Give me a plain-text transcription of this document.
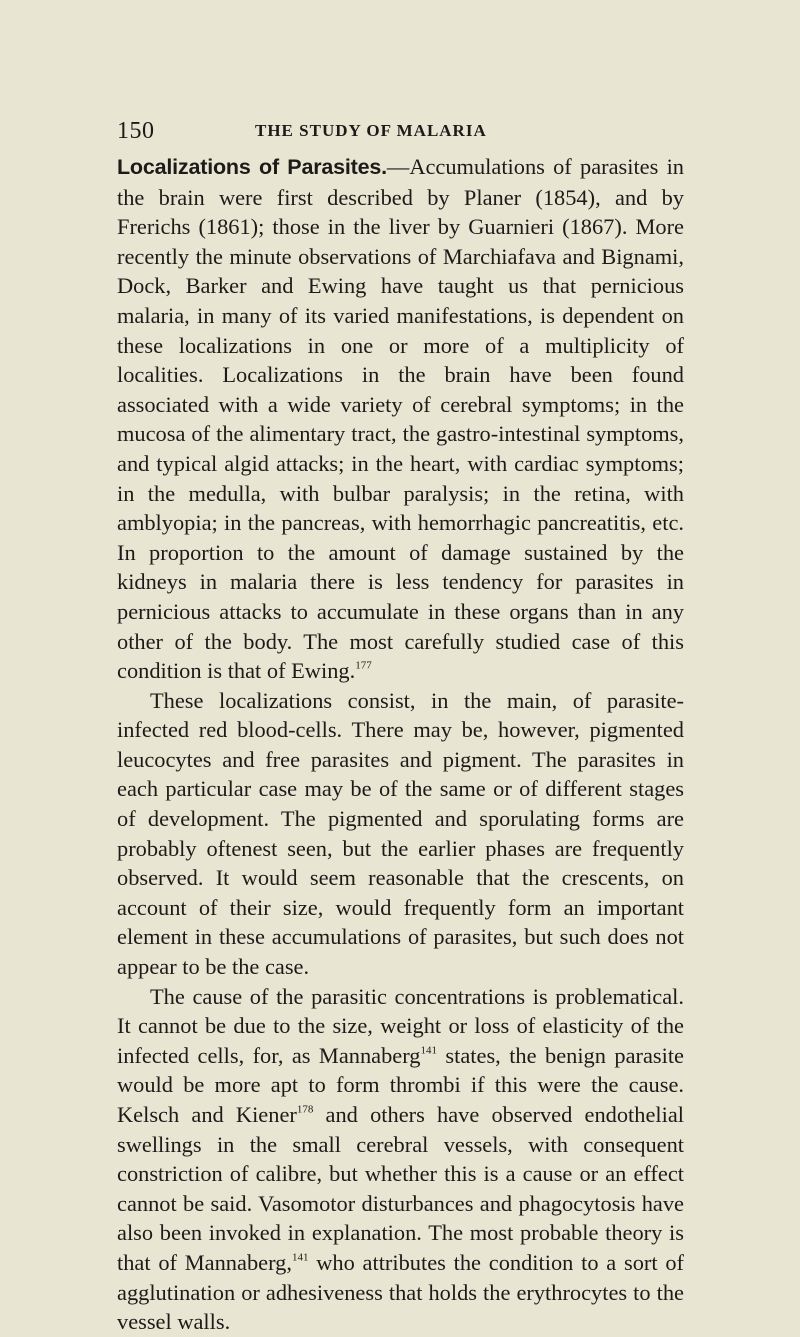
150	THE STUDY OF MALARIA

Localizations of Parasites.—Accumulations of parasites in the brain were first described by Planer (1854), and by Frerichs (1861); those in the liver by Guarnieri (1867). More recently the minute observations of Marchiafava and Bignami, Dock, Barker and Ewing have taught us that pernicious malaria, in many of its varied manifestations, is dependent on these localizations in one or more of a multiplicity of localities. Localizations in the brain have been found associated with a wide variety of cerebral symptoms; in the mucosa of the alimentary tract, the gastro-intestinal symptoms, and typical algid attacks; in the heart, with cardiac symptoms; in the medulla, with bulbar paralysis; in the retina, with amblyopia; in the pancreas, with hemorrhagic pancreatitis, etc. In proportion to the amount of damage sustained by the kidneys in malaria there is less tendency for parasites in pernicious attacks to accumulate in these organs than in any other of the body. The most carefully studied case of this condition is that of Ewing.$^{177}$

These localizations consist, in the main, of parasite-infected red blood-cells. There may be, however, pigmented leucocytes and free parasites and pigment. The parasites in each particular case may be of the same or of different stages of development. The pigmented and sporulating forms are probably oftenest seen, but the earlier phases are frequently observed. It would seem reasonable that the crescents, on account of their size, would frequently form an important element in these accumulations of parasites, but such does not appear to be the case.

The cause of the parasitic concentrations is problematical. It cannot be due to the size, weight or loss of elasticity of the infected cells, for, as Mannaberg$^{141}$ states, the benign parasite would be more apt to form thrombi if this were the cause. Kelsch and Kiener$^{178}$ and others have observed endothelial swellings in the small cerebral vessels, with consequent constriction of calibre, but whether this is a cause or an effect cannot be said. Vasomotor disturbances and phagocytosis have also been invoked in explanation. The most probable theory is that of Mannaberg,$^{141}$ who attributes the condition to a sort of agglutination or adhesiveness that holds the erythrocytes to the vessel walls.
